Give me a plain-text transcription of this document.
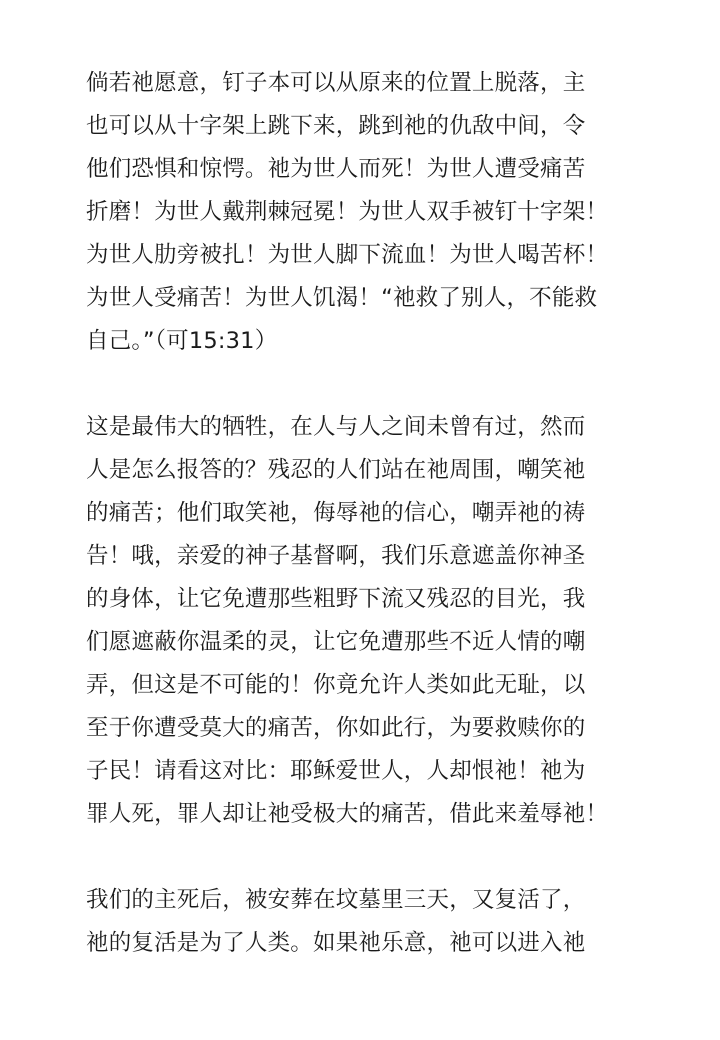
倘若祂愿意，钉子本可以从原来的位置上脱落，主
也可以从十字架上跳下来，跳到祂的仇敌中间，令
他们恐惧和惊愕。祂为世人而死！为世人遭受痛苦
折磨！为世人戴荆棘冠冕！为世人双手被钉十字架！
为世人肋旁被扎！为世人脚下流血！为世人喝苦杯！
为世人受痛苦！为世人饥渴！“祂救了别人，不能救
自己。”（可15:31）

这是最伟大的牺牲，在人与人之间未曾有过，然而
人是怎么报答的？残忍的人们站在祂周围，嘲笑祂
的痛苦；他们取笑祂，侮辱祂的信心，嘲弄祂的祷
告！哦，亲爱的神子基督啊，我们乐意遮盖你神圣
的身体，让它免遭那些粗野下流又残忍的目光，我
们愿遮蔽你温柔的灵，让它免遭那些不近人情的嘲
弄，但这是不可能的！你竟允许人类如此无耻，以
至于你遭受莫大的痛苦，你如此行，为要救赎你的
子民！请看这对比：耶稣爱世人，人却恨祂！祂为
罪人死，罪人却让祂受极大的痛苦，借此来羞辱祂！

我们的主死后，被安葬在坟墓里三天，又复活了，
祂的复活是为了人类。如果祂乐意，祂可以进入祂
